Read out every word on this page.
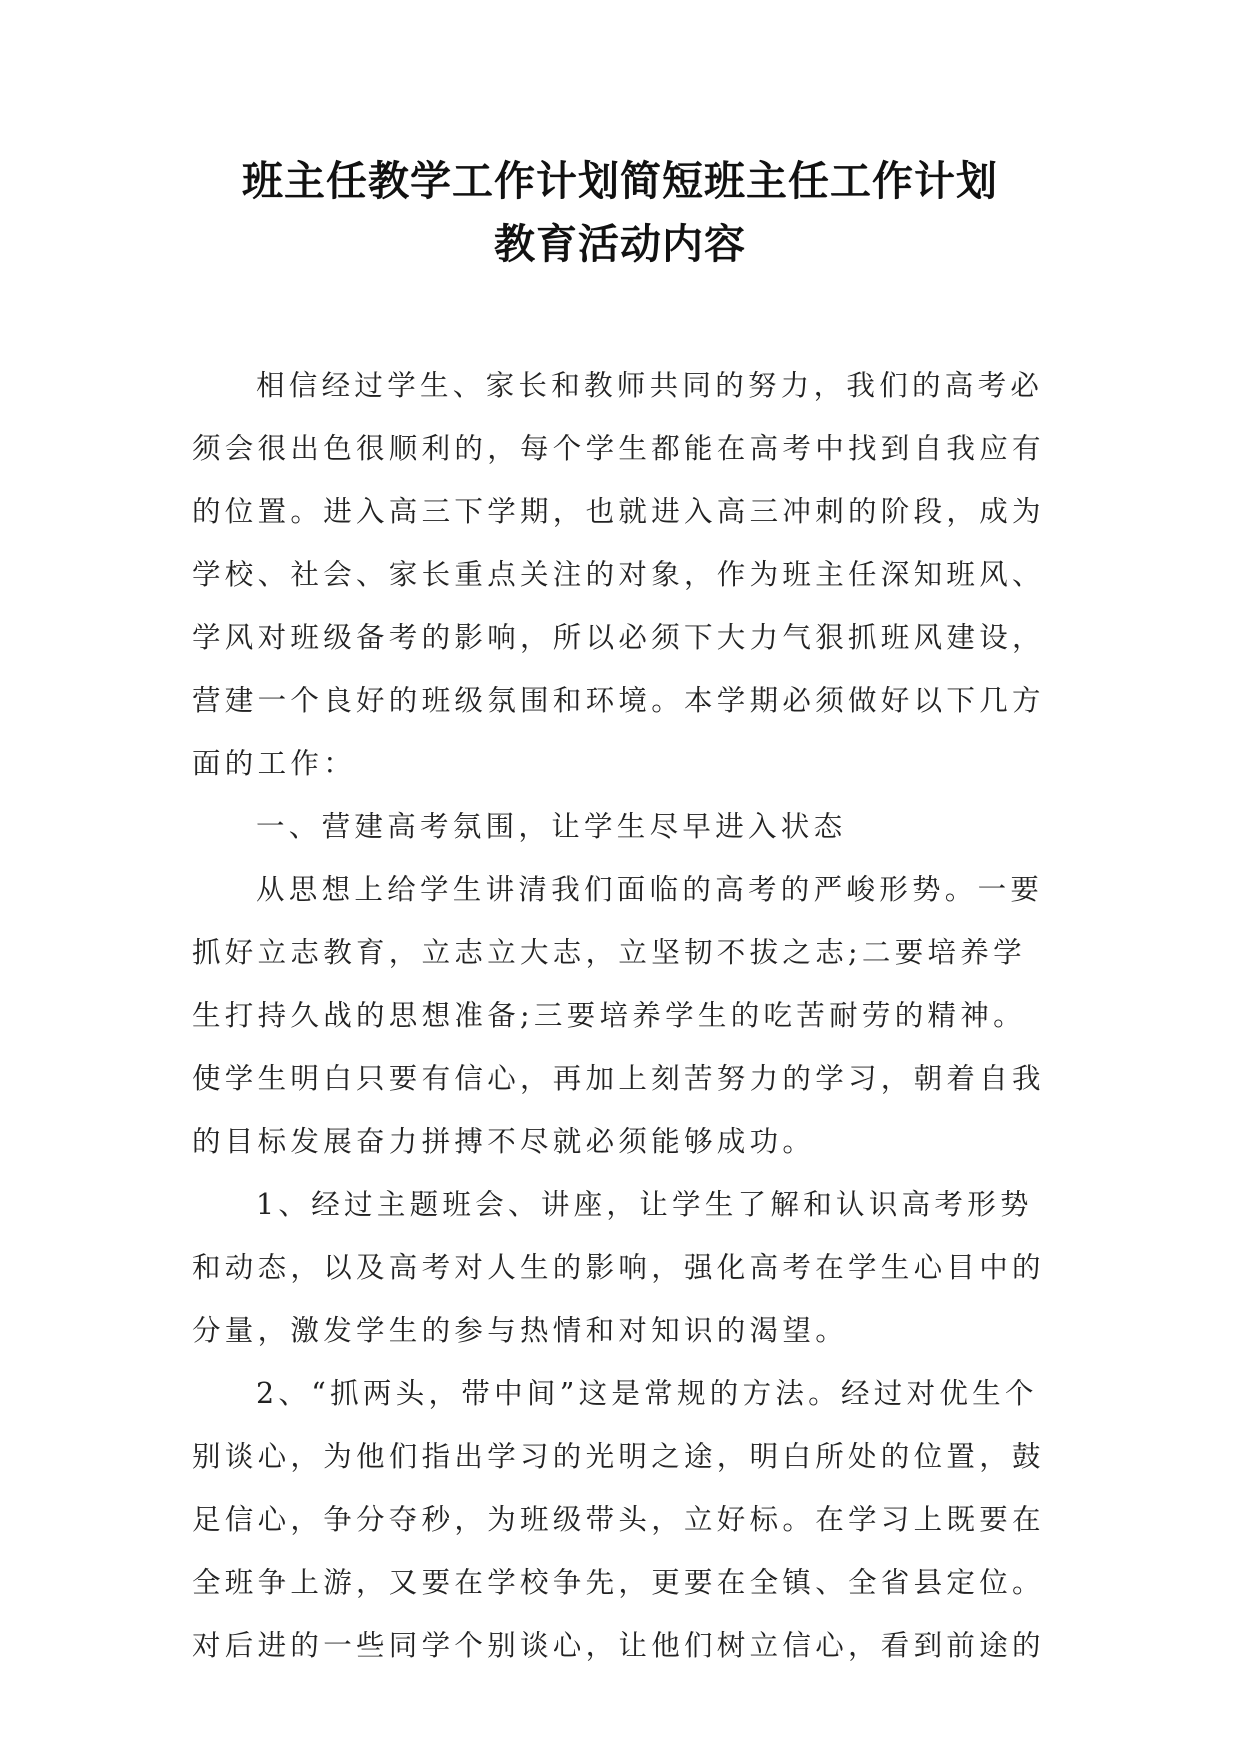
班主任教学工作计划简短班主任工作计划
教育活动内容
相信经过学生、家长和教师共同的努力，我们的高考必
须会很出色很顺利的，每个学生都能在高考中找到自我应有
的位置。进入高三下学期，也就进入高三冲刺的阶段，成为
学校、社会、家长重点关注的对象，作为班主任深知班风、
学风对班级备考的影响，所以必须下大力气狠抓班风建设，
营建一个良好的班级氛围和环境。本学期必须做好以下几方
面的工作：
一、营建高考氛围，让学生尽早进入状态
从思想上给学生讲清我们面临的高考的严峻形势。一要
抓好立志教育，立志立大志，立坚韧不拔之志;二要培养学
生打持久战的思想准备;三要培养学生的吃苦耐劳的精神。
使学生明白只要有信心，再加上刻苦努力的学习，朝着自我
的目标发展奋力拼搏不尽就必须能够成功。
1、经过主题班会、讲座，让学生了解和认识高考形势
和动态，以及高考对人生的影响，强化高考在学生心目中的
分量，激发学生的参与热情和对知识的渴望。
2、“抓两头，带中间”这是常规的方法。经过对优生个
别谈心，为他们指出学习的光明之途，明白所处的位置，鼓
足信心，争分夺秒，为班级带头，立好标。在学习上既要在
全班争上游，又要在学校争先，更要在全镇、全省县定位。
对后进的一些同学个别谈心，让他们树立信心，看到前途的
